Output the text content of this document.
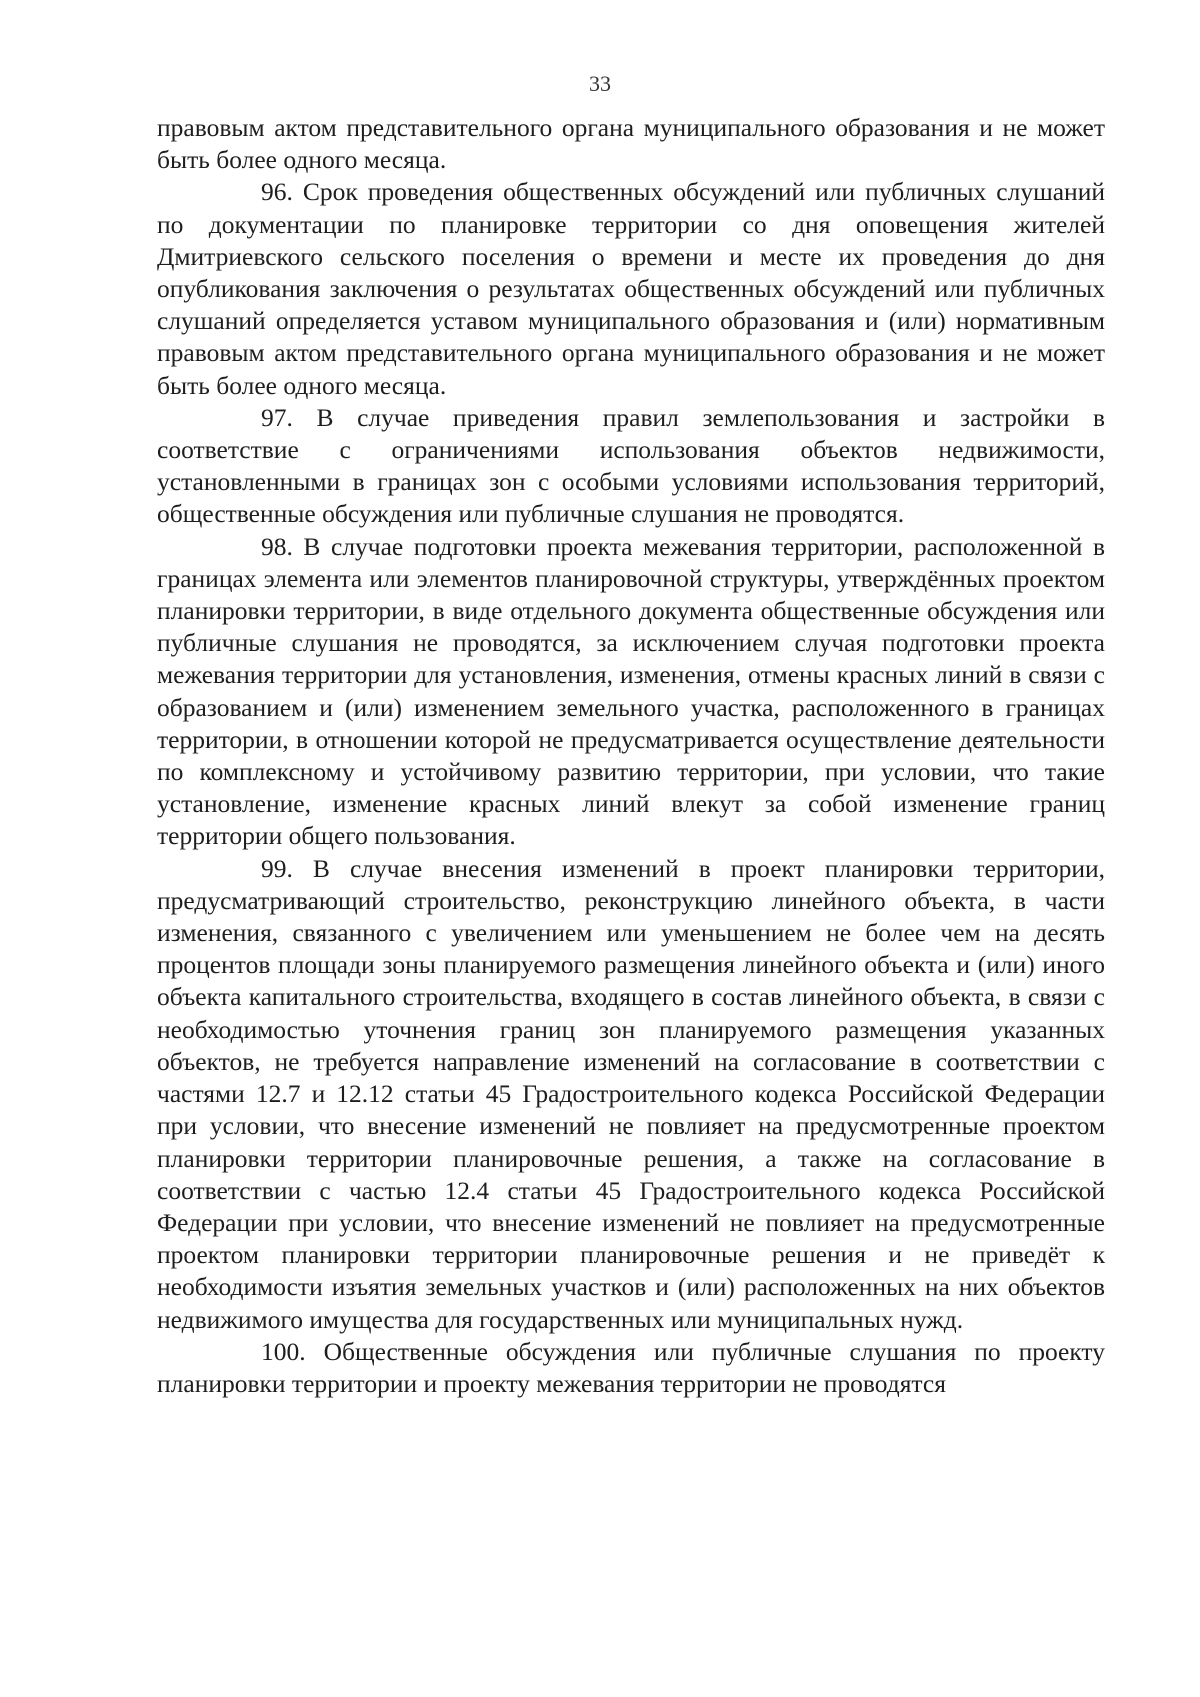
33

правовым актом представительного органа муниципального образования и не может быть более одного месяца.

96. Срок проведения общественных обсуждений или публичных слушаний по документации по планировке территории со дня оповещения жителей Дмитриевского сельского поселения о времени и месте их проведения до дня опубликования заключения о результатах общественных обсуждений или публичных слушаний определяется уставом муниципального образования и (или) нормативным правовым актом представительного органа муниципального образования и не может быть более одного месяца.

97. В случае приведения правил землепользования и застройки в соответствие с ограничениями использования объектов недвижимости, установленными в границах зон с особыми условиями использования территорий, общественные обсуждения или публичные слушания не проводятся.

98. В случае подготовки проекта межевания территории, расположенной в границах элемента или элементов планировочной структуры, утверждённых проектом планировки территории, в виде отдельного документа общественные обсуждения или публичные слушания не проводятся, за исключением случая подготовки проекта межевания территории для установления, изменения, отмены красных линий в связи с образованием и (или) изменением земельного участка, расположенного в границах территории, в отношении которой не предусматривается осуществление деятельности по комплексному и устойчивому развитию территории, при условии, что такие установление, изменение красных линий влекут за собой изменение границ территории общего пользования.

99. В случае внесения изменений в проект планировки территории, предусматривающий строительство, реконструкцию линейного объекта, в части изменения, связанного с увеличением или уменьшением не более чем на десять процентов площади зоны планируемого размещения линейного объекта и (или) иного объекта капитального строительства, входящего в состав линейного объекта, в связи с необходимостью уточнения границ зон планируемого размещения указанных объектов, не требуется направление изменений на согласование в соответствии с частями 12.7 и 12.12 статьи 45 Градостроительного кодекса Российской Федерации при условии, что внесение изменений не повлияет на предусмотренные проектом планировки территории планировочные решения, а также на согласование в соответствии с частью 12.4 статьи 45 Градостроительного кодекса Российской Федерации при условии, что внесение изменений не повлияет на предусмотренные проектом планировки территории планировочные решения и не приведёт к необходимости изъятия земельных участков и (или) расположенных на них объектов недвижимого имущества для государственных или муниципальных нужд.

100. Общественные обсуждения или публичные слушания по проекту планировки территории и проекту межевания территории не проводятся
